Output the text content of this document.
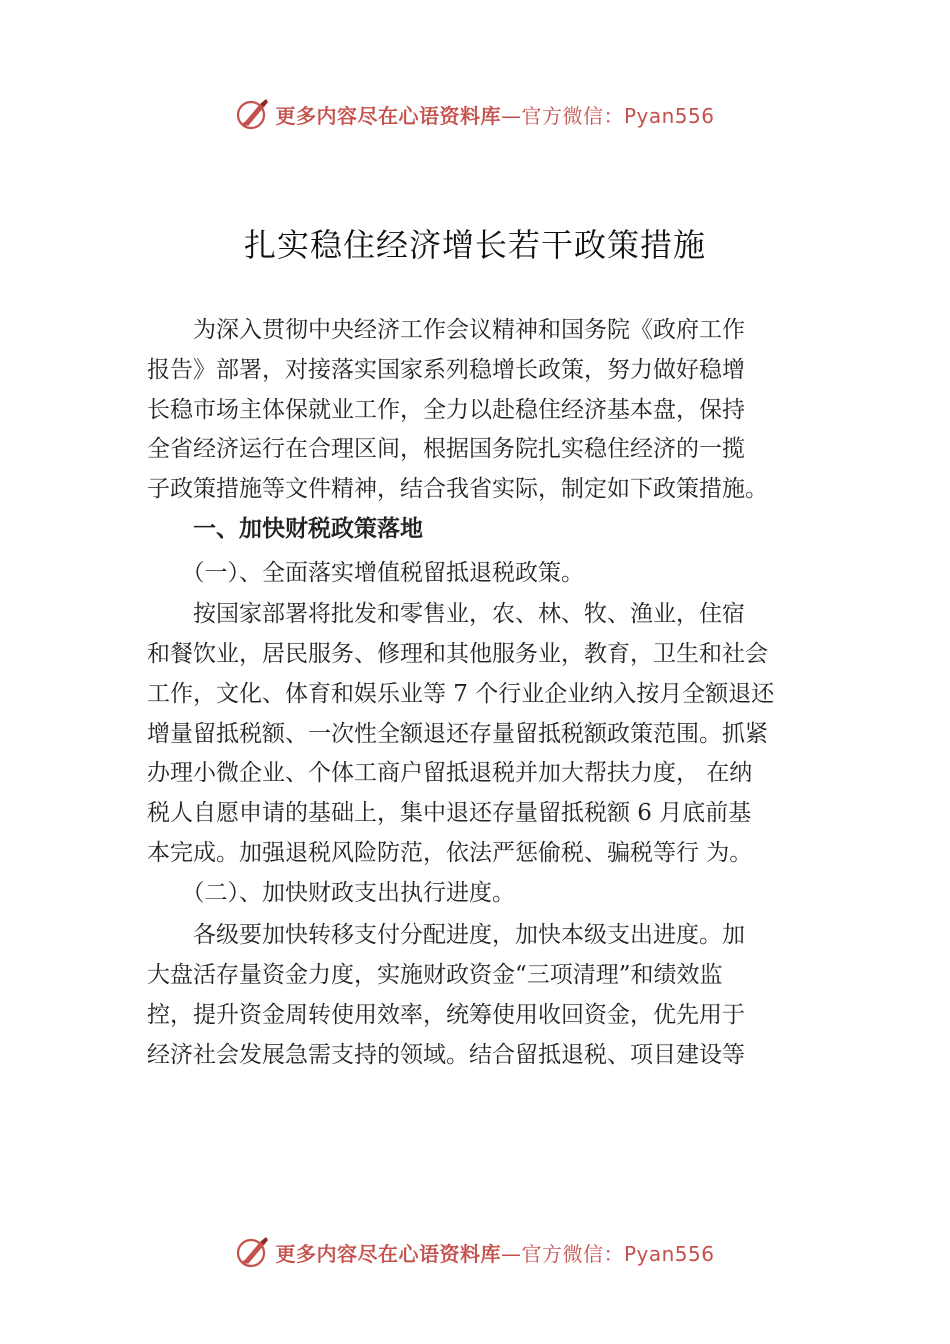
更多内容尽在心语资料库—官方微信：Pyan556
扎实稳住经济增长若干政策措施
　　为深入贯彻中央经济工作会议精神和国务院《政府工作
报告》部署，对接落实国家系列稳增长政策，努力做好稳增
长稳市场主体保就业工作，全力以赴稳住经济基本盘，保持
全省经济运行在合理区间，根据国务院扎实稳住经济的一揽
子政策措施等文件精神，结合我省实际，制定如下政策措施。
　　一、加快财税政策落地
　　（一）、全面落实增值税留抵退税政策。
　　按国家部署将批发和零售业，农、林、牧、渔业，住宿
和餐饮业，居民服务、修理和其他服务业，教育，卫生和社会
工作，文化、体育和娱乐业等 7 个行业企业纳入按月全额退还
增量留抵税额、一次性全额退还存量留抵税额政策范围。抓紧
办理小微企业、个体工商户留抵退税并加大帮扶力度， 在纳
税人自愿申请的基础上，集中退还存量留抵税额 6 月底前基
本完成。加强退税风险防范，依法严惩偷税、骗税等行 为。
　　（二）、加快财政支出执行进度。
　　各级要加快转移支付分配进度，加快本级支出进度。加
大盘活存量资金力度，实施财政资金“三项清理”和绩效监
控，提升资金周转使用效率，统筹使用收回资金，优先用于
经济社会发展急需支持的领域。结合留抵退税、项目建设等
更多内容尽在心语资料库—官方微信：Pyan556
